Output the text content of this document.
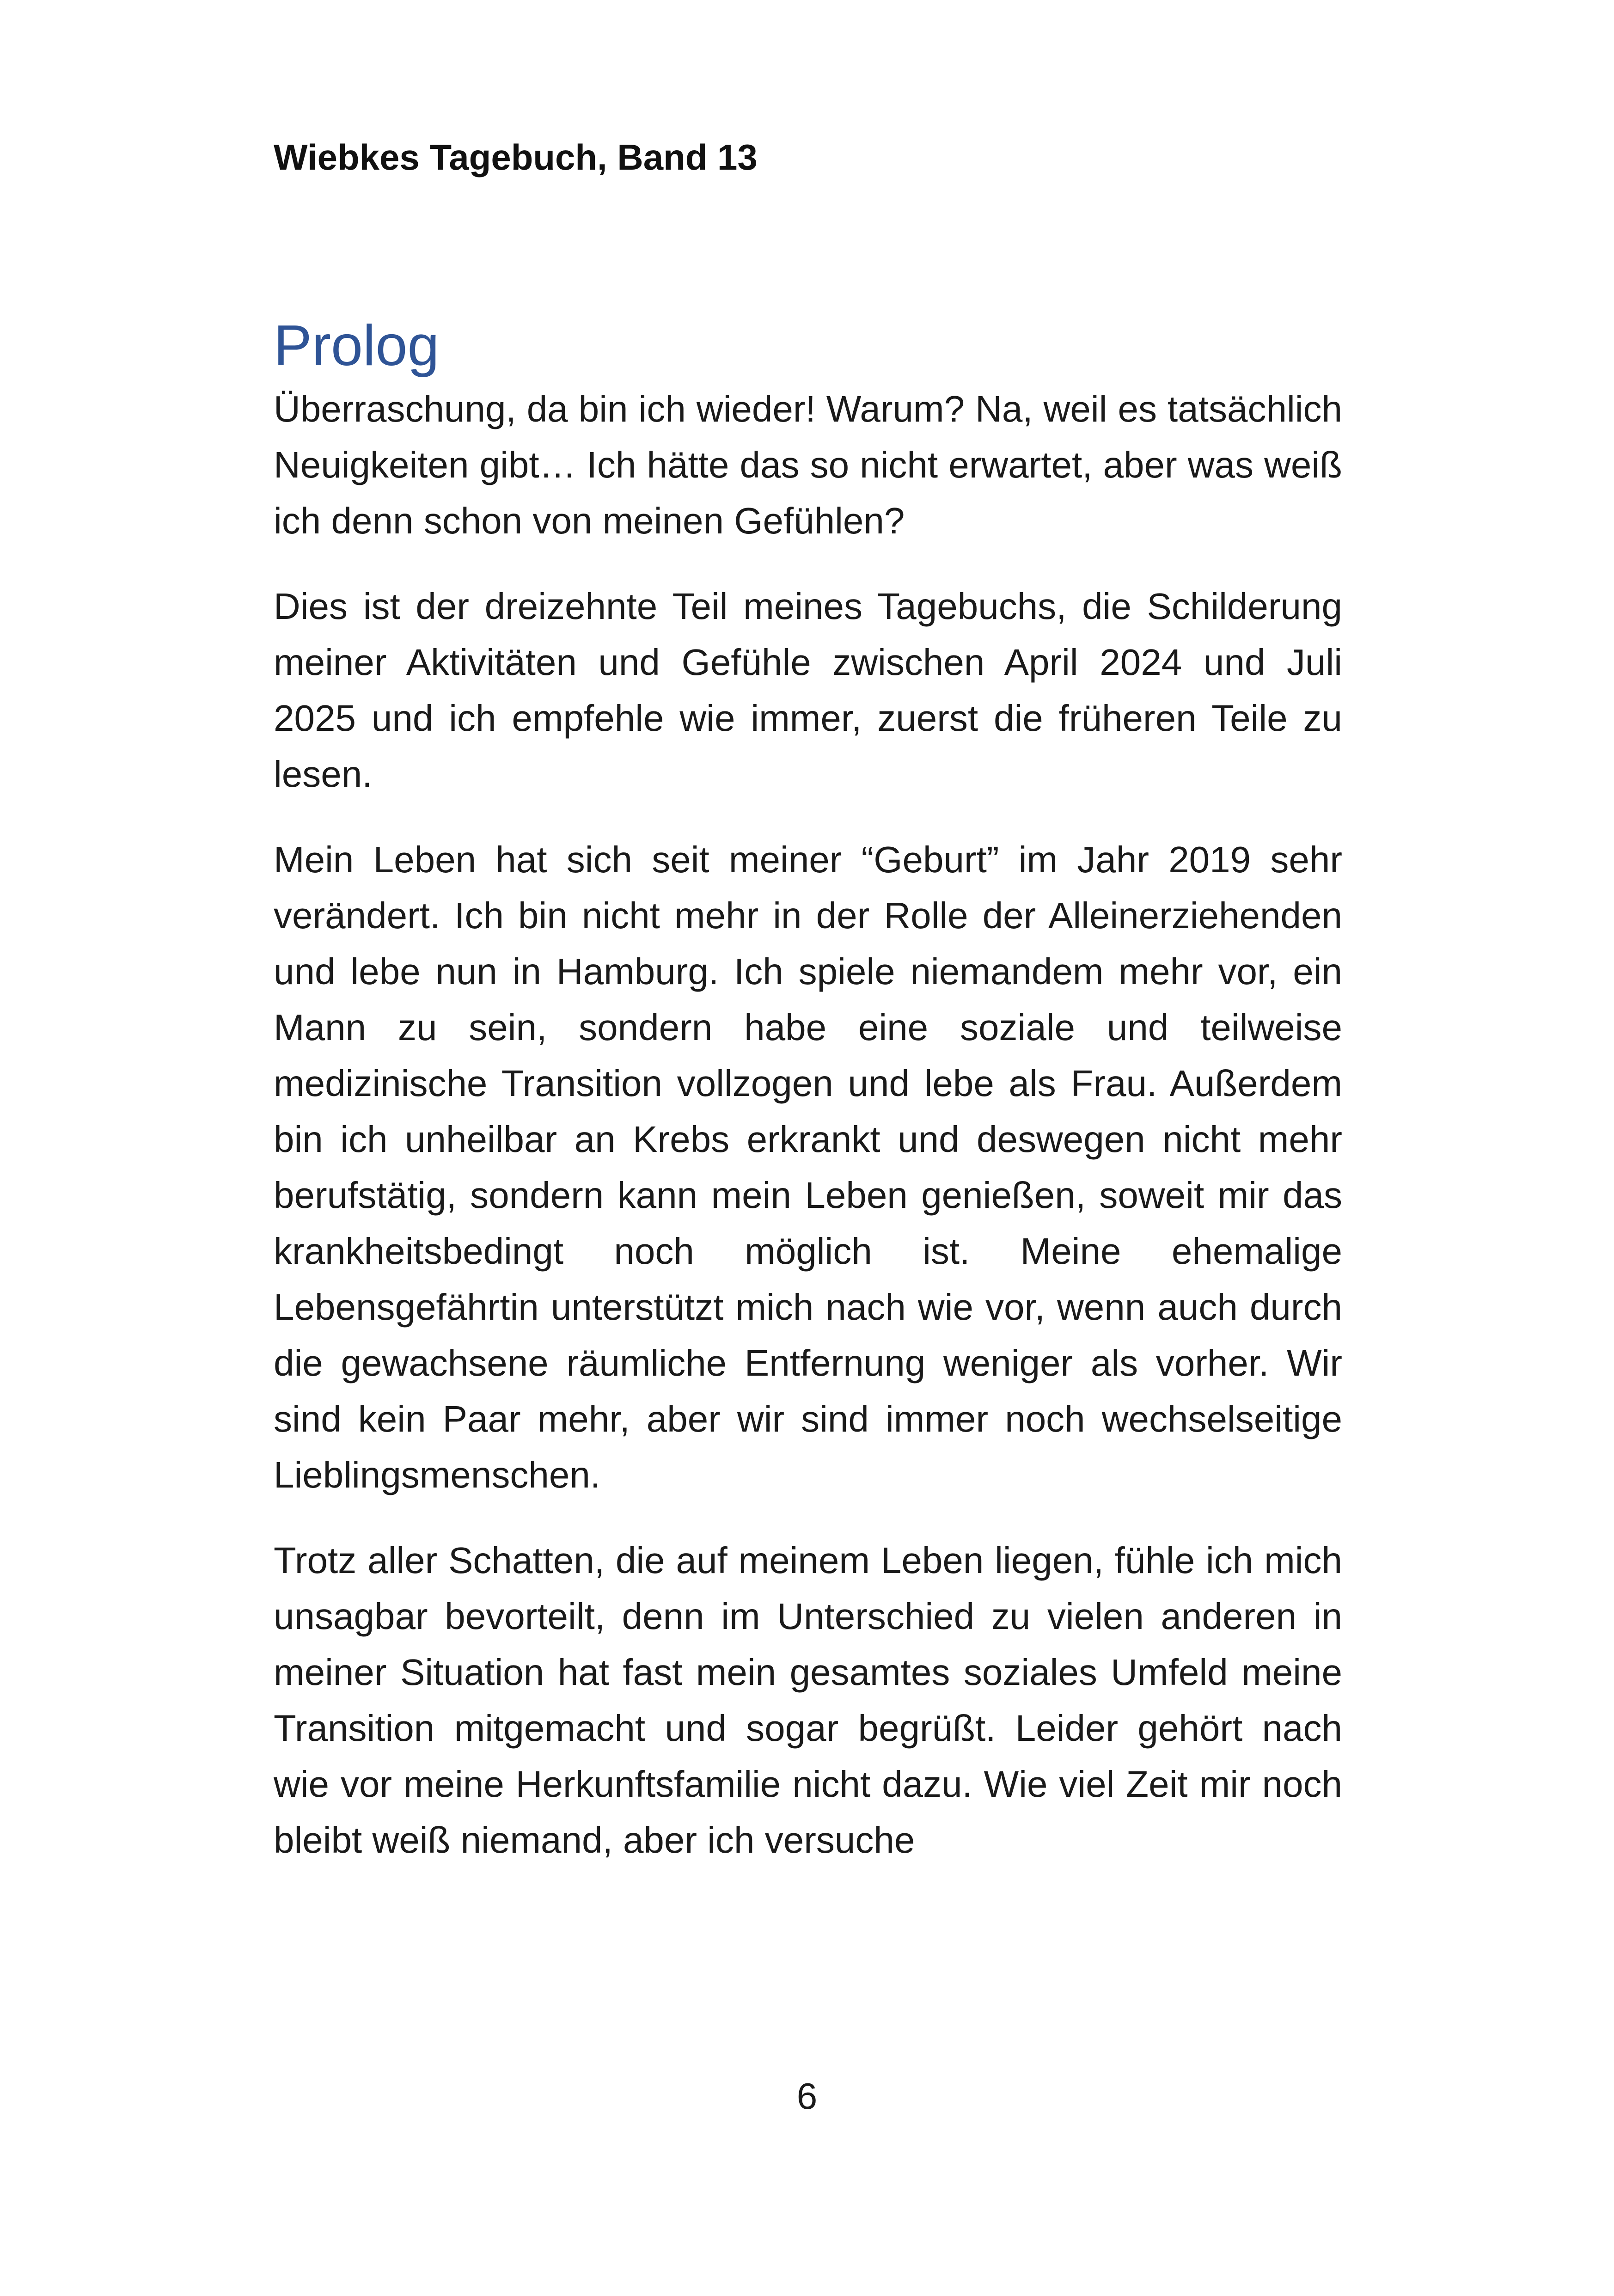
Wiebkes Tagebuch, Band 13

Prolog

Überraschung, da bin ich wieder! Warum? Na, weil es tatsächlich Neuigkeiten gibt… Ich hätte das so nicht erwartet, aber was weiß ich denn schon von meinen Gefühlen?

Dies ist der dreizehnte Teil meines Tagebuchs, die Schilderung meiner Aktivitäten und Gefühle zwischen April 2024 und Juli 2025 und ich empfehle wie immer, zuerst die früheren Teile zu lesen.

Mein Leben hat sich seit meiner “Geburt” im Jahr 2019 sehr verändert. Ich bin nicht mehr in der Rolle der Alleinerziehenden und lebe nun in Hamburg. Ich spiele niemandem mehr vor, ein Mann zu sein, sondern habe eine soziale und teilweise medizinische Transition vollzogen und lebe als Frau. Außerdem bin ich unheilbar an Krebs erkrankt und deswegen nicht mehr berufstätig, sondern kann mein Leben genießen, soweit mir das krankheitsbedingt noch möglich ist. Meine ehemalige Lebensgefährtin unterstützt mich nach wie vor, wenn auch durch die gewachsene räumliche Entfernung weniger als vorher. Wir sind kein Paar mehr, aber wir sind immer noch wechselseitige Lieblingsmenschen.

Trotz aller Schatten, die auf meinem Leben liegen, fühle ich mich unsagbar bevorteilt, denn im Unterschied zu vielen anderen in meiner Situation hat fast mein gesamtes soziales Umfeld meine Transition mitgemacht und sogar begrüßt. Leider gehört nach wie vor meine Herkunftsfamilie nicht dazu. Wie viel Zeit mir noch bleibt weiß niemand, aber ich versuche

6
